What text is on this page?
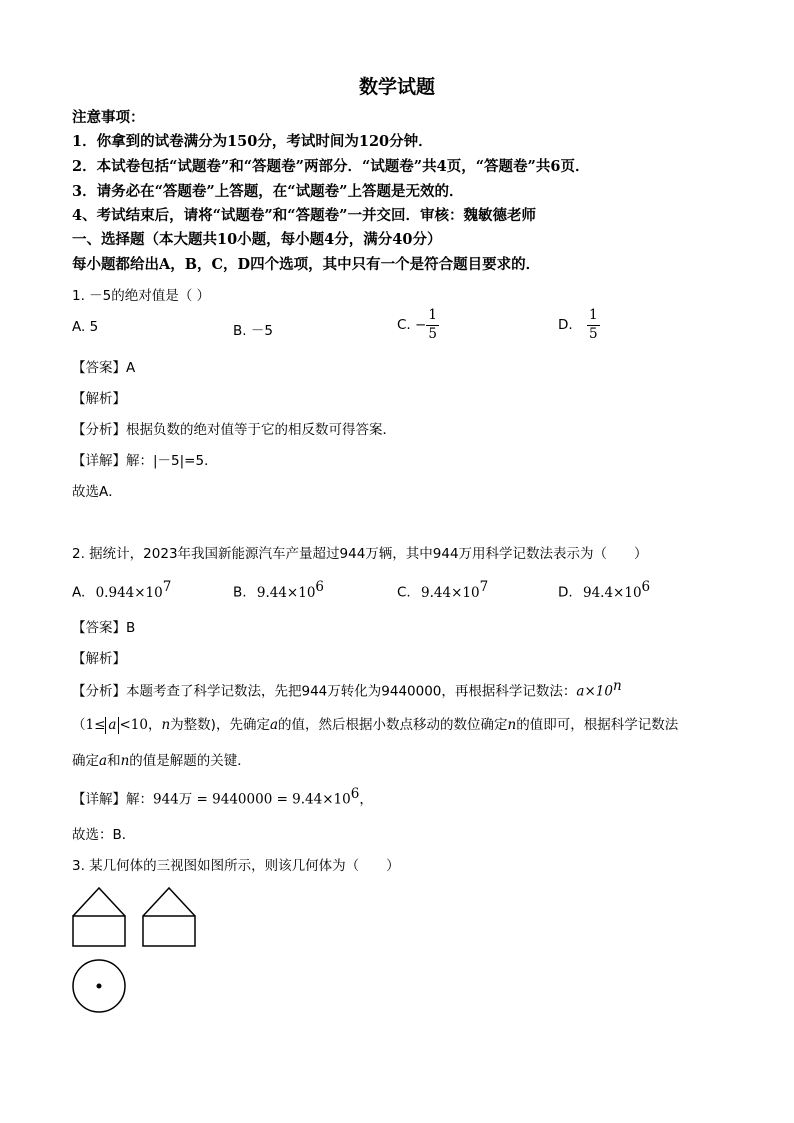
数学试题
注意事项：
1．你拿到的试卷满分为150分，考试时间为120分钟．
2．本试卷包括“试题卷”和“答题卷”两部分．“试题卷”共4页，“答题卷”共6页．
3．请务必在“答题卷”上答题，在“试题卷”上答题是无效的．
4、考试结束后，请将“试题卷”和“答题卷”一并交回．审核：魏敏德老师
一、选择题（本大题共10小题，每小题4分，满分40分）
每小题都给出A，B，C，D四个选项，其中只有一个是符合题目要求的．
1. －5的绝对值是（ ）
A. 5	B. －5	C. − $\frac{1}{5}$	D. $\frac{1}{5}$
【答案】A
【解析】
【分析】根据负数的绝对值等于它的相反数可得答案．
【详解】解：|－5|=5．
故选A．
2. 据统计，2023年我国新能源汽车产量超过944万辆，其中944万用科学记数法表示为（　　）
A. $0.944\times 10^7$	B. $9.44\times 10^6$	C. $9.44\times 10^7$	D. $94.4\times 10^6$
【答案】B
【解析】
【分析】本题考查了科学记数法，先把944万转化为9440000，再根据科学记数法：$a\times 10^n$
（1≤ a <10，n为整数)，先确定a的值，然后根据小数点移动的数位确定n的值即可，根据科学记数法
确定a和n的值是解题的关键．
【详解】解：944万 = $9440000 = 9.44\times 10^6$，
故选：B．
3. 某几何体的三视图如图所示，则该几何体为（　　）
